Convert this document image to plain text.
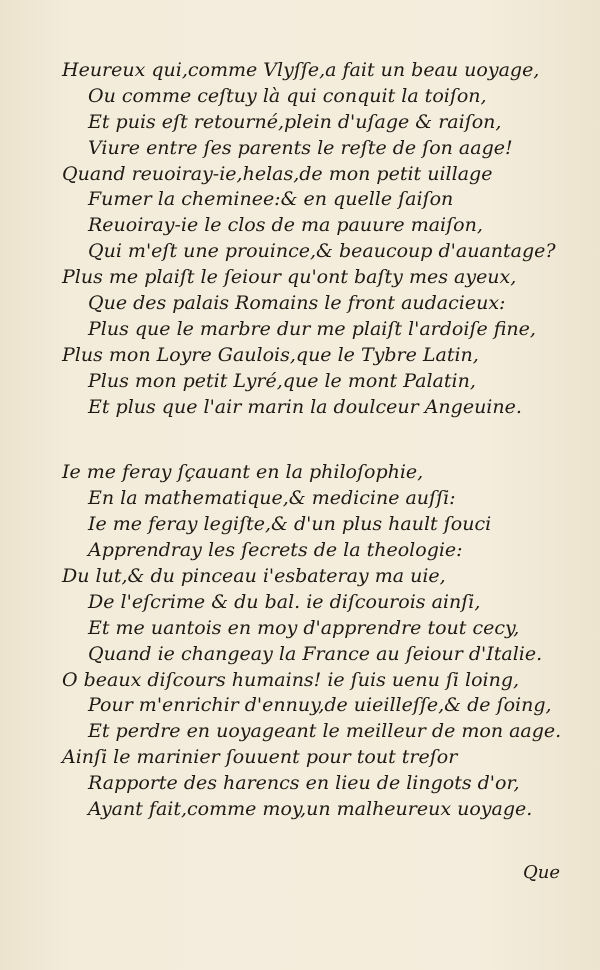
Heureux qui,comme Vlyſſe,a fait un beau uoyage,
Ou comme ceſtuy là qui conquit la toiſon,
Et puis eſt retourné,plein d'uſage & raiſon,
Viure entre ſes parents le reſte de ſon aage!
Quand reuoiray-ie,helas,de mon petit uillage
Fumer la cheminee:& en quelle ſaiſon
Reuoiray-ie le clos de ma pauure maiſon,
Qui m'eſt une prouince,& beaucoup d'auantage?
Plus me plaiſt le ſeiour qu'ont baſty mes ayeux,
Que des palais Romains le front audacieux:
Plus que le marbre dur me plaiſt l'ardoiſe fine,
Plus mon Loyre Gaulois,que le Tybre Latin,
Plus mon petit Lyré,que le mont Palatin,
Et plus que l'air marin la doulceur Angeuine.
Ie me feray ſçauant en la philoſophie,
En la mathematique,& medicine auſſi:
Ie me feray legiſte,& d'un plus hault ſouci
Apprendray les ſecrets de la theologie:
Du lut,& du pinceau i'esbateray ma uie,
De l'eſcrime & du bal. ie diſcourois ainſi,
Et me uantois en moy d'apprendre tout cecy,
Quand ie changeay la France au ſeiour d'Italie.
O beaux diſcours humains! ie ſuis uenu ſi loing,
Pour m'enrichir d'ennuy,de uieilleſſe,& de ſoing,
Et perdre en uoyageant le meilleur de mon aage.
Ainſi le marinier ſouuent pour tout treſor
Rapporte des harencs en lieu de lingots d'or,
Ayant fait,comme moy,un malheureux uoyage.
Que
